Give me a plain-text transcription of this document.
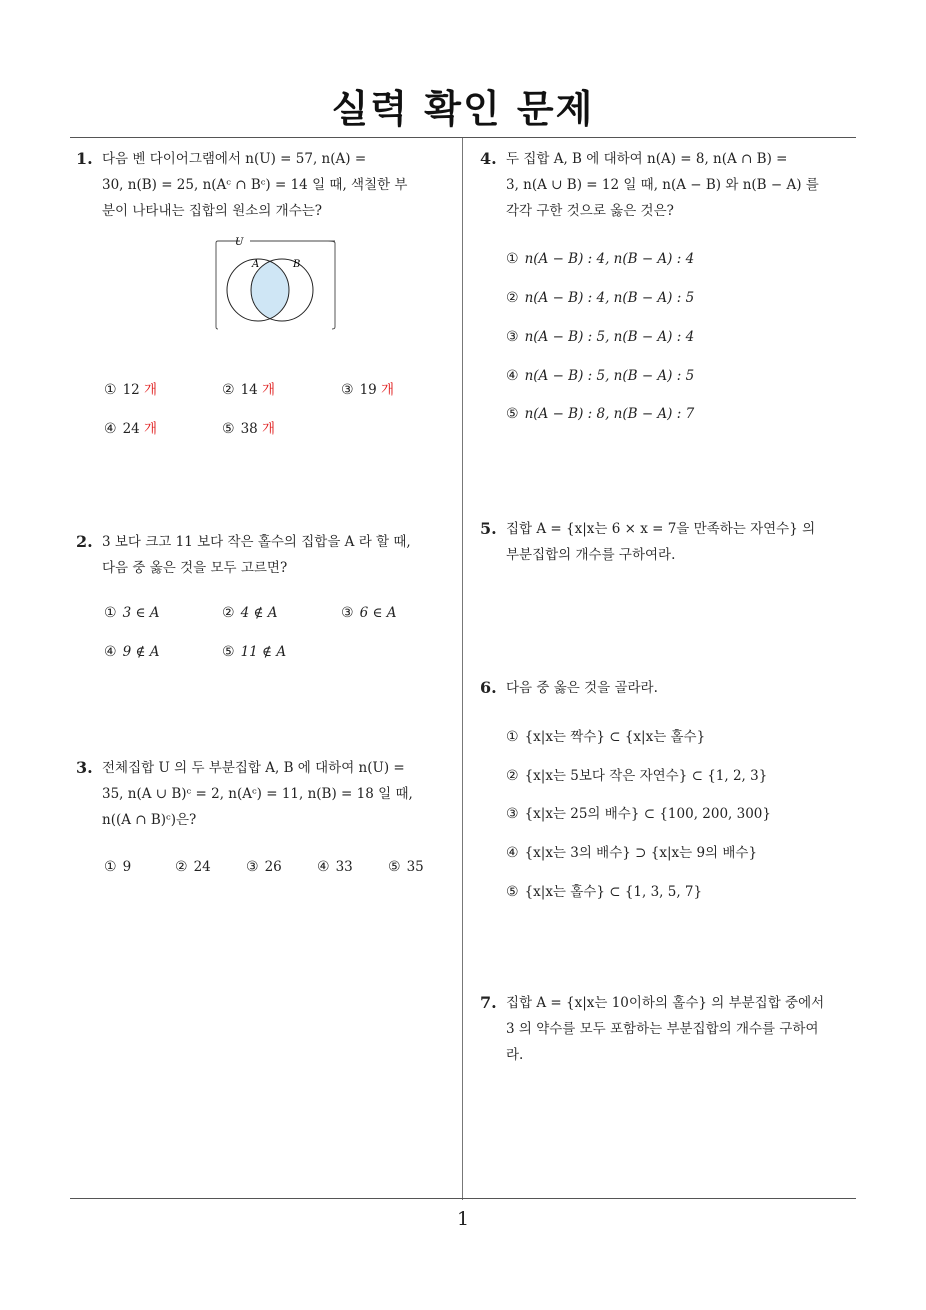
실력 확인 문제
1
1. 다음 벤 다이어그램에서 n(U) = 57, n(A) =
30, n(B) = 25, n(Aᶜ ∩ Bᶜ) = 14 일 때, 색칠한 부
분이 나타내는 집합의 원소의 개수는?
U
A	B
① 12 개	② 14 개	③ 19 개
④ 24 개	⑤ 38 개
2. 3 보다 크고 11 보다 작은 홀수의 집합을 A 라 할 때,
다음 중 옳은 것을 모두 고르면?
① 3 ∈ A	② 4 ∉ A	③ 6 ∈ A
④ 9 ∉ A	⑤ 11 ∉ A
3. 전체집합 U 의 두 부분집합 A, B 에 대하여 n(U) =
35, n(A ∪ B)ᶜ = 2, n(Aᶜ) = 11, n(B) = 18 일 때,
n((A ∩ B)ᶜ)은?
① 9	② 24	③ 26	④ 33	⑤ 35
4. 두 집합 A, B 에 대하여 n(A) = 8, n(A ∩ B) =
3, n(A ∪ B) = 12 일 때, n(A − B) 와 n(B − A) 를
각각 구한 것으로 옳은 것은?
① n(A − B) : 4, n(B − A) : 4
② n(A − B) : 4, n(B − A) : 5
③ n(A − B) : 5, n(B − A) : 4
④ n(A − B) : 5, n(B − A) : 5
⑤ n(A − B) : 8, n(B − A) : 7
5. 집합 A = {x|x는 6 × x = 7을 만족하는 자연수} 의
부분집합의 개수를 구하여라.
6. 다음 중 옳은 것을 골라라.
① {x|x는 짝수} ⊂ {x|x는 홀수}
② {x|x는 5보다 작은 자연수} ⊂ {1, 2, 3}
③ {x|x는 25의 배수} ⊂ {100, 200, 300}
④ {x|x는 3의 배수} ⊃ {x|x는 9의 배수}
⑤ {x|x는 홀수} ⊂ {1, 3, 5, 7}
7. 집합 A = {x|x는 10이하의 홀수} 의 부분집합 중에서
3 의 약수를 모두 포함하는 부분집합의 개수를 구하여
라.
